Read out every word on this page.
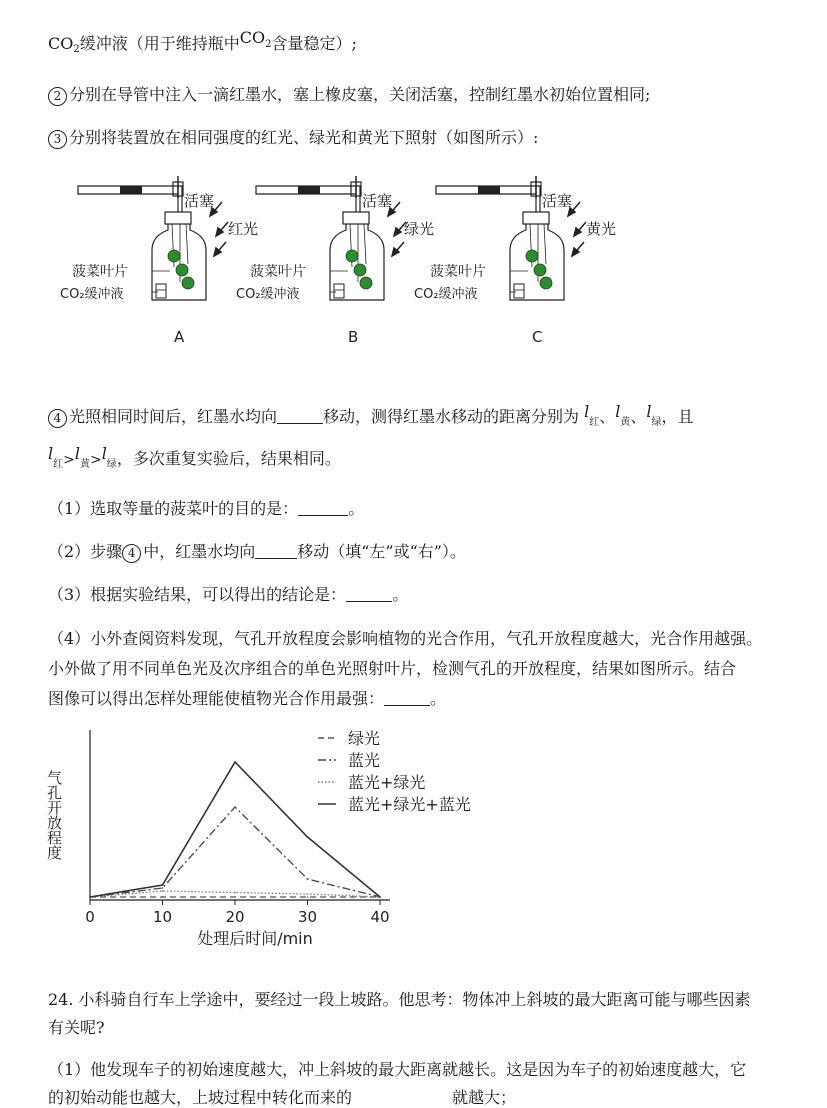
$CO_2$缓冲液（用于维持瓶中$CO^2$含量稳定）;
2 分别在导管中注入一滴红墨水，塞上橡皮塞，关闭活塞，控制红墨水初始位置相同;
3 分别将装置放在相同强度的红光、绿光和黄光下照射（如图所示）:
活塞
红光
菠菜叶片
CO₂缓冲液
A
活塞
绿光
菠菜叶片
CO₂缓冲液
B
活塞
黄光
菠菜叶片
CO₂缓冲液
C
4 光照相同时间后，红墨水均向	移动，测得红墨水移动的距离分别为 $l_红$、$l_黄$、$l_绿$，且
$l_红>l_黄>l_绿$，多次重复实验后，结果相同。
（1）选取等量的菠菜叶的目的是：	。
（2）步骤 4 中，红墨水均向	移动（填“左”或“右”）。
（3）根据实验结果，可以得出的结论是：	。
（4）小外查阅资料发现，气孔开放程度会影响植物的光合作用，气孔开放程度越大，光合作用越强。
小外做了用不同单色光及次序组合的单色光照射叶片，检测气孔的开放程度，结果如图所示。结合
图像可以得出怎样处理能使植物光合作用最强：	。
0	10	20	30	40
气孔开放程度
处理后时间/min
绿光
蓝光
蓝光+绿光
蓝光+绿光+蓝光
24. 小科骑自行车上学途中，要经过一段上坡路。他思考：物体冲上斜坡的最大距离可能与哪些因素
有关呢?
（1）他发现车子的初始速度越大，冲上斜坡的最大距离就越长。这是因为车子的初始速度越大，它
的初始动能也越大，上坡过程中转化而来的	就越大；
